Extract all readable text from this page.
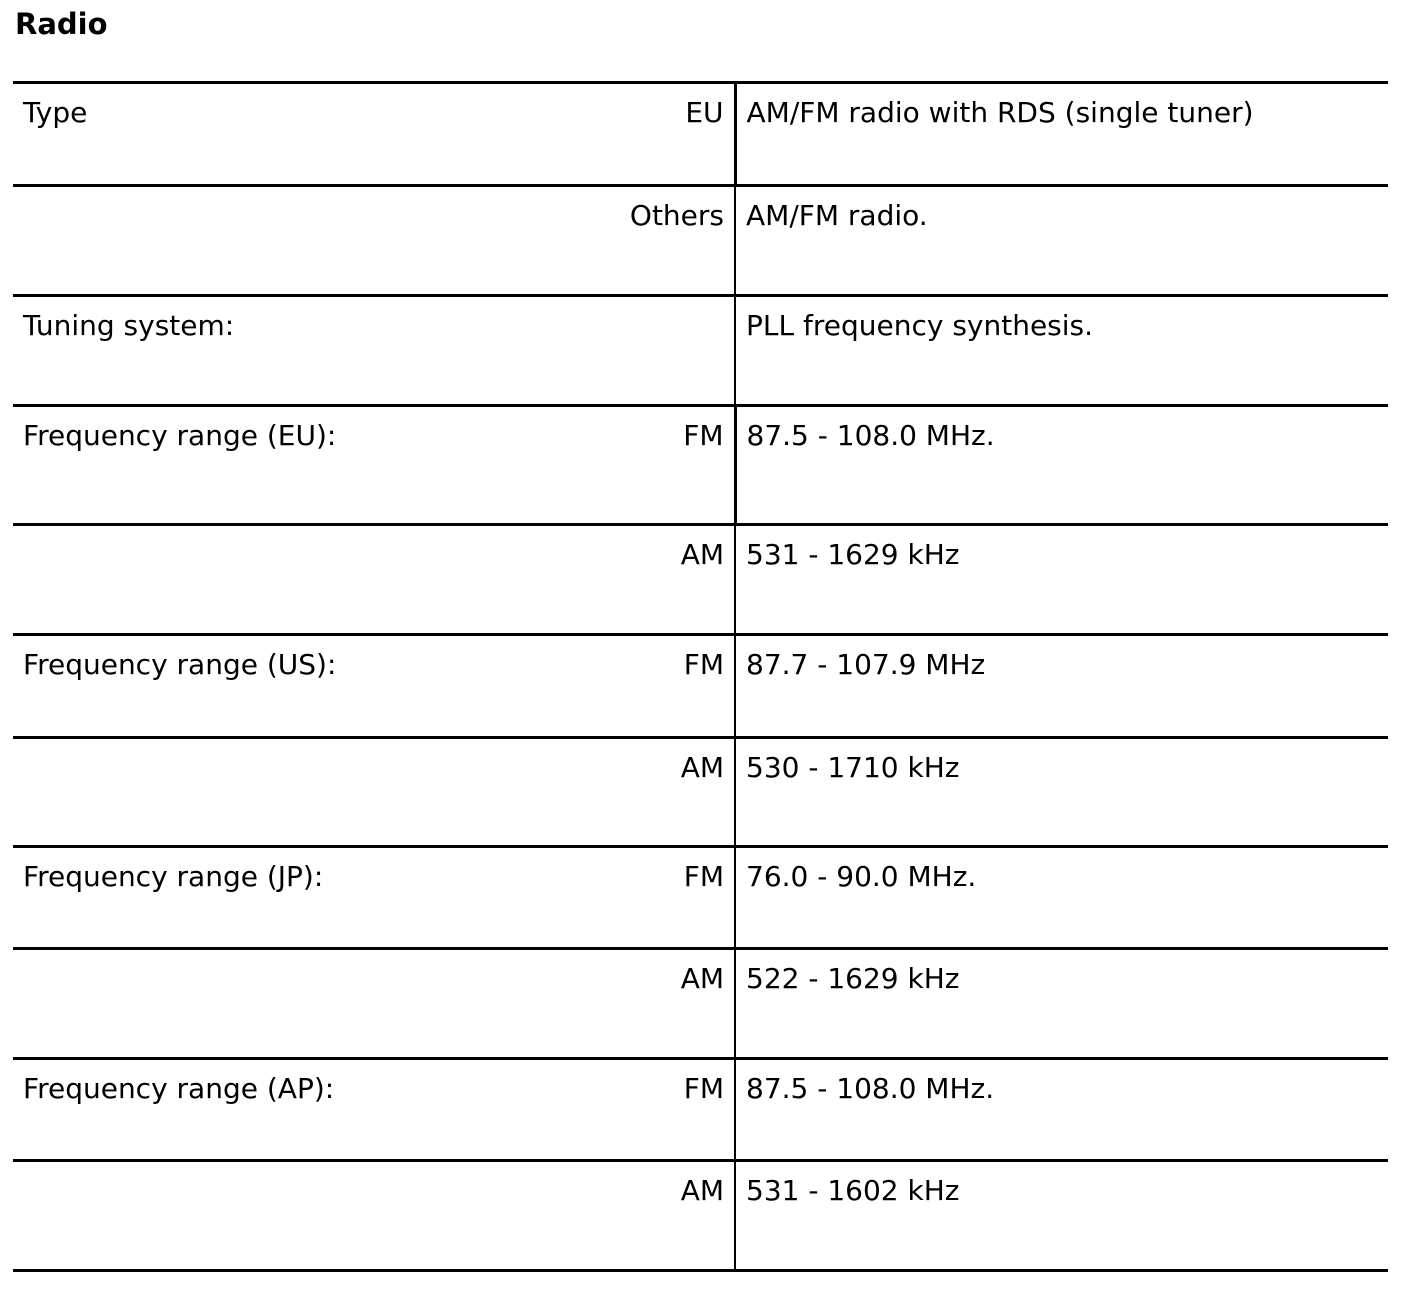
Radio
Type	EU	AM/FM radio with RDS (single tuner)
	Others	AM/FM radio.
Tuning system:		PLL frequency synthesis.
Frequency range (EU):	FM	87.5 - 108.0 MHz.
	AM	531 - 1629 kHz
Frequency range (US):	FM	87.7 - 107.9 MHz
	AM	530 - 1710 kHz
Frequency range (JP):	FM	76.0 - 90.0 MHz.
	AM	522 - 1629 kHz
Frequency range (AP):	FM	87.5 - 108.0 MHz.
	AM	531 - 1602 kHz
